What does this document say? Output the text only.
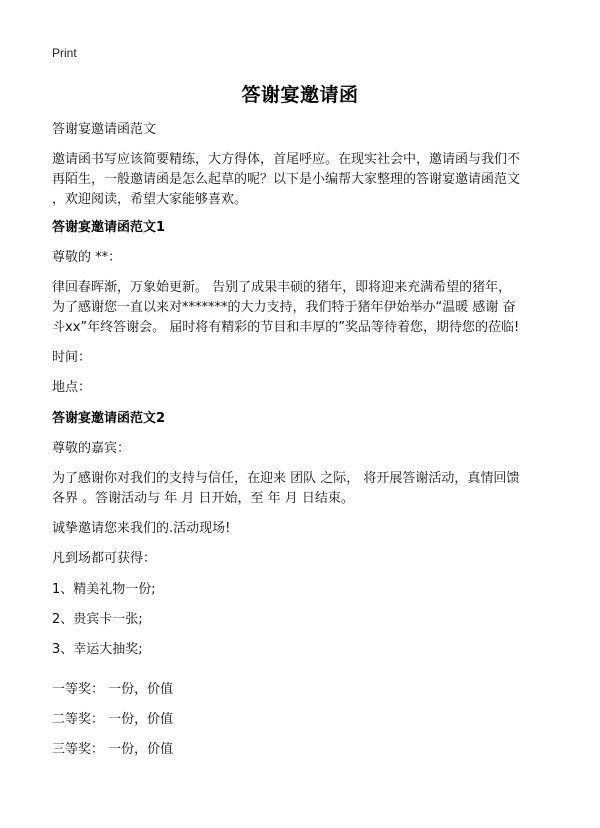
Print
答谢宴邀请函
答谢宴邀请函范文
邀请函书写应该简要精练，大方得体，首尾呼应。在现实社会中，邀请函与我们不
再陌生，一般邀请函是怎么起草的呢？以下是小编帮大家整理的答谢宴邀请函范文
，欢迎阅读，希望大家能够喜欢。
答谢宴邀请函范文1
尊敬的 **：
律回春晖渐，万象始更新。 告别了成果丰硕的猪年，即将迎来充满希望的猪年，
为了感谢您一直以来对*******的大力支持，我们特于猪年伊始举办“温暖 感谢 奋
斗xx”年终答谢会。 届时将有精彩的节目和丰厚的”奖品等待着您，期待您的莅临!
时间：
地点：
答谢宴邀请函范文2
尊敬的嘉宾：
为了感谢你对我们的支持与信任，在迎来 团队 之际， 将开展答谢活动，真情回馈
各界 。答谢活动与 年 月 日开始，至 年 月 日结束。
诚挚邀请您来我们的.活动现场!
凡到场都可获得：
1、精美礼物一份;
2、贵宾卡一张;
3、幸运大抽奖;
一等奖： 一份，价值
二等奖： 一份，价值
三等奖： 一份，价值
